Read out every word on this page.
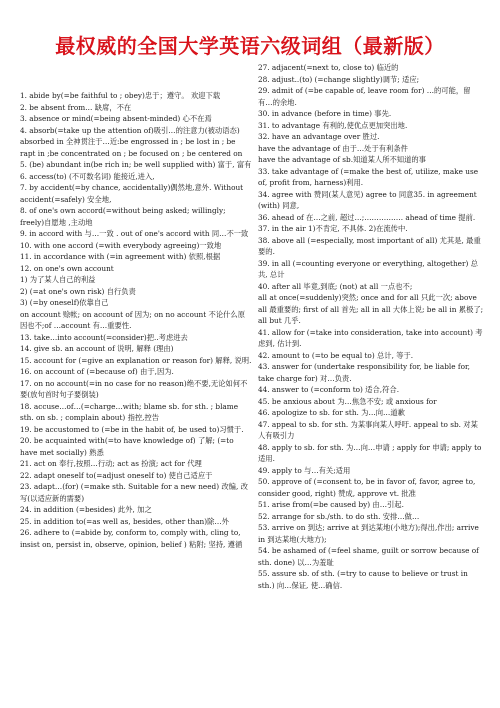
最权威的全国大学英语六级词组（最新版）
1. abide by(=be faithful to ; obey)忠于；遵守。 欢迎下载
2. be absent from… 缺席，不在
3. absence or mind(=being absent-minded) 心不在焉
4. absorb(=take up the attention of)吸引…的注意力(被动语态) absorbed in 全神贯注于…近:be engrossed in ; be lost in ; be rapt in ;be concentrated on ; be focused on ; be centered on
5. (be) abundant in(be rich in; be well supplied with) 富于, 富有
6. access(to) (不可数名词) 能接近,进入,
7. by accident(=by chance, accidentally)偶然地,意外. Without accident(=safely) 安全地,
8. of one's own accord(=without being asked; willingly; freely)自愿地 ,主动地
9. in accord with 与…一致 . out of one's accord with 同…不一致
10. with one accord (=with everybody agreeing)一致地
11. in accordance with (=in agreement with) 依照,根据
12. on one's own account
1) 为了某人自己的利益
2) (=at one's own risk) 自行负责
3) (=by oneself)依靠自己
on account 赊帐; on account of 因为; on no account 不论什么原因也不;of …account 有…重要性.
13. take…into account(=consider)把..考虑进去
14. give sb. an account of 说明, 解释 (理由)
15. account for (=give an explanation or reason for) 解释, 说明.
16. on account of (=because of) 由于,因为.
17. on no account(=in no case for no reason)绝不要,无论如何不要(放句首时句子要倒装)
18. accuse…of…(=charge…with; blame sb. for sth. ; blame sth. on sb. ; complain about) 指控,控告
19. be accustomed to (=be in the habit of, be used to)习惯于.
20. be acquainted with(=to have knowledge of) 了解; (=to have met socially) 熟悉
21. act on 奉行,按照…行动; act as 扮演; act for 代理
22. adapt oneself to(=adjust oneself to) 使自己适应于
23. adapt…(for) (=make sth. Suitable for a new need) 改编, 改写(以适应新的需要)
24. in addition (=besides) 此外, 加之
25. in addition to(=as well as, besides, other than)除…外
26. adhere to (=abide by, conform to, comply with, cling to, insist on, persist in, observe, opinion, belief ) 粘附; 坚持, 遵循
27. adjacent(=next to, close to) 临近的
28. adjust..(to) (=change slightly)调节; 适应;
29. admit of (=be capable of, leave room for) …的可能，留有…的余地.
30. in advance (before in time) 事先.
31. to advantage 有利的,使优点更加突出地.
32. have an advantage over 胜过.
have the advantage of 由于…处于有利条件
have the advantage of sb.知道某人所不知道的事
33. take advantage of (=make the best of, utilize, make use of, profit from, harness)利用.
34. agree with 赞同(某人意见) agree to 同意35. in agreement (with) 同意,
36. ahead of 在…之前, 超过…;……………. ahead of time 提前.
37. in the air 1)不肯定, 不具体. 2)在流传中.
38. above all (=especially, most important of all) 尤其是, 最重要的.
39. in all (=counting everyone or everything, altogether) 总共, 总计
40. after all 毕竟,到底; (not) at all 一点也不;
all at once(=suddenly)突然; once and for all 只此一次; above all 最重要的; first of all 首先; all in all 大体上说; be all in 累极了; all but 几乎.
41. allow for (=take into consideration, take into account) 考虑到, 估计到.
42. amount to (=to be equal to) 总计, 等于.
43. answer for (undertake responsibility for, be liable for, take charge for) 对…负责.
44. answer to (=conform to) 适合,符合.
45. be anxious about 为…焦急不安; 或 anxious for
46. apologize to sb. for sth. 为…向…道歉
47. appeal to sb. for sth. 为某事向某人呼吁. appeal to sb. 对某人有吸引力
48. apply to sb. for sth. 为…向…申请 ; apply for 申请; apply to 适用.
49. apply to 与…有关;适用
50. approve of (=consent to, be in favor of, favor, agree to, consider good, right) 赞成, approve vt. 批准
51. arise from(=be caused by) 由…引起.
52. arrange for sb./sth. to do sth. 安排…做…
53. arrive on 到达; arrive at 到达某地(小地方);得出,作出; arrive in 到达某地(大地方);
54. be ashamed of (=feel shame, guilt or sorrow because of sth. done) 以…为羞耻
55. assure sb. of sth. (=try to cause to believe or trust in sth.) 向…保证, 使…确信.
